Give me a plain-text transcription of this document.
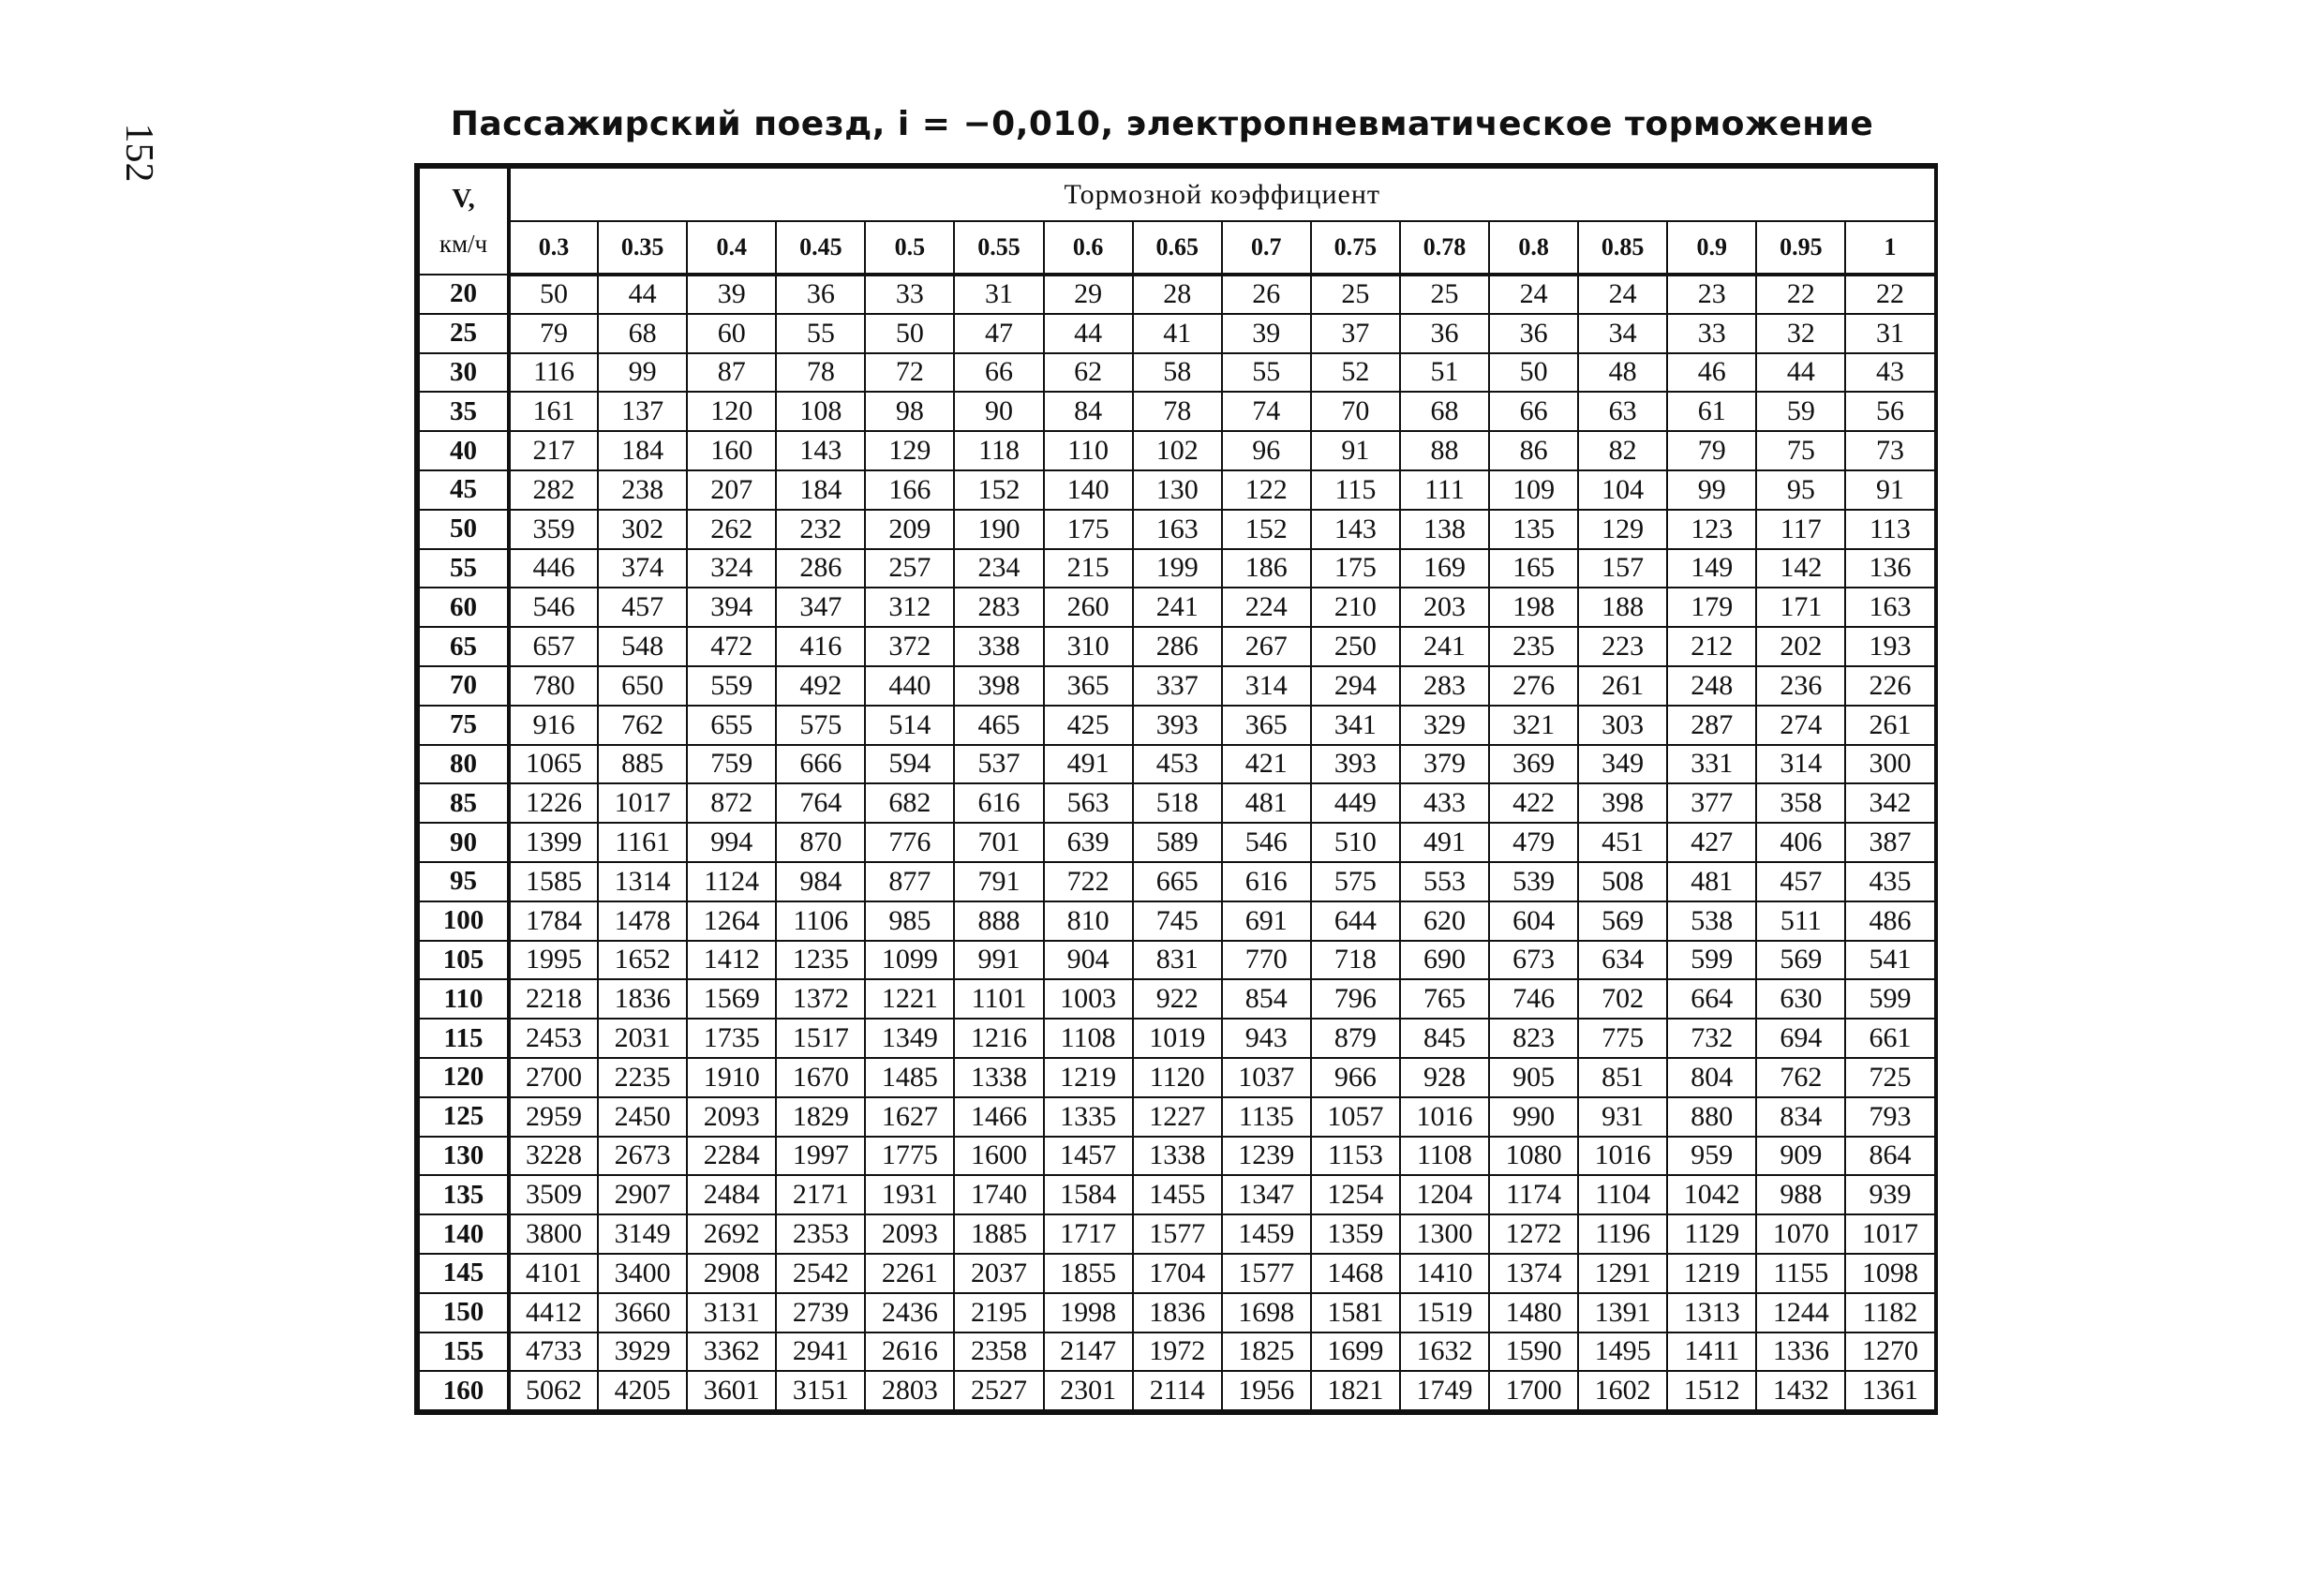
152	Пассажирский поезд, i = −0,010, электропневматическое торможение
V,
км/ч	Тормозной коэффициент															
	0.3	0.35	0.4	0.45	0.5	0.55	0.6	0.65	0.7	0.75	0.78	0.8	0.85	0.9	0.95	1
20	50	44	39	36	33	31	29	28	26	25	25	24	24	23	22	22
25	79	68	60	55	50	47	44	41	39	37	36	36	34	33	32	31
30	116	99	87	78	72	66	62	58	55	52	51	50	48	46	44	43
35	161	137	120	108	98	90	84	78	74	70	68	66	63	61	59	56
40	217	184	160	143	129	118	110	102	96	91	88	86	82	79	75	73
45	282	238	207	184	166	152	140	130	122	115	111	109	104	99	95	91
50	359	302	262	232	209	190	175	163	152	143	138	135	129	123	117	113
55	446	374	324	286	257	234	215	199	186	175	169	165	157	149	142	136
60	546	457	394	347	312	283	260	241	224	210	203	198	188	179	171	163
65	657	548	472	416	372	338	310	286	267	250	241	235	223	212	202	193
70	780	650	559	492	440	398	365	337	314	294	283	276	261	248	236	226
75	916	762	655	575	514	465	425	393	365	341	329	321	303	287	274	261
80	1065	885	759	666	594	537	491	453	421	393	379	369	349	331	314	300
85	1226	1017	872	764	682	616	563	518	481	449	433	422	398	377	358	342
90	1399	1161	994	870	776	701	639	589	546	510	491	479	451	427	406	387
95	1585	1314	1124	984	877	791	722	665	616	575	553	539	508	481	457	435
100	1784	1478	1264	1106	985	888	810	745	691	644	620	604	569	538	511	486
105	1995	1652	1412	1235	1099	991	904	831	770	718	690	673	634	599	569	541
110	2218	1836	1569	1372	1221	1101	1003	922	854	796	765	746	702	664	630	599
115	2453	2031	1735	1517	1349	1216	1108	1019	943	879	845	823	775	732	694	661
120	2700	2235	1910	1670	1485	1338	1219	1120	1037	966	928	905	851	804	762	725
125	2959	2450	2093	1829	1627	1466	1335	1227	1135	1057	1016	990	931	880	834	793
130	3228	2673	2284	1997	1775	1600	1457	1338	1239	1153	1108	1080	1016	959	909	864
135	3509	2907	2484	2171	1931	1740	1584	1455	1347	1254	1204	1174	1104	1042	988	939
140	3800	3149	2692	2353	2093	1885	1717	1577	1459	1359	1300	1272	1196	1129	1070	1017
145	4101	3400	2908	2542	2261	2037	1855	1704	1577	1468	1410	1374	1291	1219	1155	1098
150	4412	3660	3131	2739	2436	2195	1998	1836	1698	1581	1519	1480	1391	1313	1244	1182
155	4733	3929	3362	2941	2616	2358	2147	1972	1825	1699	1632	1590	1495	1411	1336	1270
160	5062	4205	3601	3151	2803	2527	2301	2114	1956	1821	1749	1700	1602	1512	1432	1361
